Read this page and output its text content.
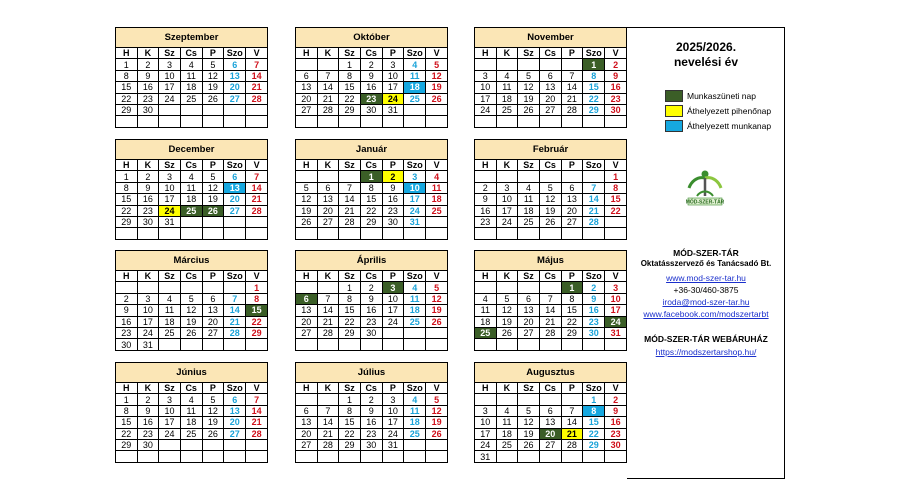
Szeptember						
H	K	Sz	Cs	P	Szo	V
1	2	3	4	5	6	7
8	9	10	11	12	13	14
15	16	17	18	19	20	21
22	23	24	25	26	27	28
29	30					

Október						
H	K	Sz	Cs	P	Szo	V
		1	2	3	4	5
6	7	8	9	10	11	12
13	14	15	16	17	18	19
20	21	22	23	24	25	26
27	28	29	30	31		

November						
H	K	Sz	Cs	P	Szo	V
					1	2
3	4	5	6	7	8	9
10	11	12	13	14	15	16
17	18	19	20	21	22	23
24	25	26	27	28	29	30

December						
H	K	Sz	Cs	P	Szo	V
1	2	3	4	5	6	7
8	9	10	11	12	13	14
15	16	17	18	19	20	21
22	23	24	25	26	27	28
29	30	31				

Január						
H	K	Sz	Cs	P	Szo	V
			1	2	3	4
5	6	7	8	9	10	11
12	13	14	15	16	17	18
19	20	21	22	23	24	25
26	27	28	29	30	31	

Február						
H	K	Sz	Cs	P	Szo	V
						1
2	3	4	5	6	7	8
9	10	11	12	13	14	15
16	17	18	19	20	21	22
23	24	25	26	27	28	

Március						
H	K	Sz	Cs	P	Szo	V
						1
2	3	4	5	6	7	8
9	10	11	12	13	14	15
16	17	18	19	20	21	22
23	24	25	26	27	28	29
30	31					
Április						
H	K	Sz	Cs	P	Szo	V
		1	2	3	4	5
6	7	8	9	10	11	12
13	14	15	16	17	18	19
20	21	22	23	24	25	26
27	28	29	30			

Május						
H	K	Sz	Cs	P	Szo	V
				1	2	3
4	5	6	7	8	9	10
11	12	13	14	15	16	17
18	19	20	21	22	23	24
25	26	27	28	29	30	31

Június						
H	K	Sz	Cs	P	Szo	V
1	2	3	4	5	6	7
8	9	10	11	12	13	14
15	16	17	18	19	20	21
22	23	24	25	26	27	28
29	30					

Július						
H	K	Sz	Cs	P	Szo	V
		1	2	3	4	5
6	7	8	9	10	11	12
13	14	15	16	17	18	19
20	21	22	23	24	25	26
27	28	29	30	31		

Augusztus						
H	K	Sz	Cs	P	Szo	V
					1	2
3	4	5	6	7	8	9
10	11	12	13	14	15	16
17	18	19	20	21	22	23
24	25	26	27	28	29	30
31						
2025/2026.
nevelési év
Munkaszüneti nap
Áthelyezett pihenőnap
Áthelyezett munkanap
MÓD-SZER-TÁR
MÓD-SZER-TÁR
Oktatásszervező és Tanácsadó Bt.
www.mod-szer-tar.hu
+36-30/460-3875
iroda@mod-szer-tar.hu
www.facebook.com/modszertarbt
MÓD-SZER-TÁR WEBÁRUHÁZ
https://modszertarshop.hu/
